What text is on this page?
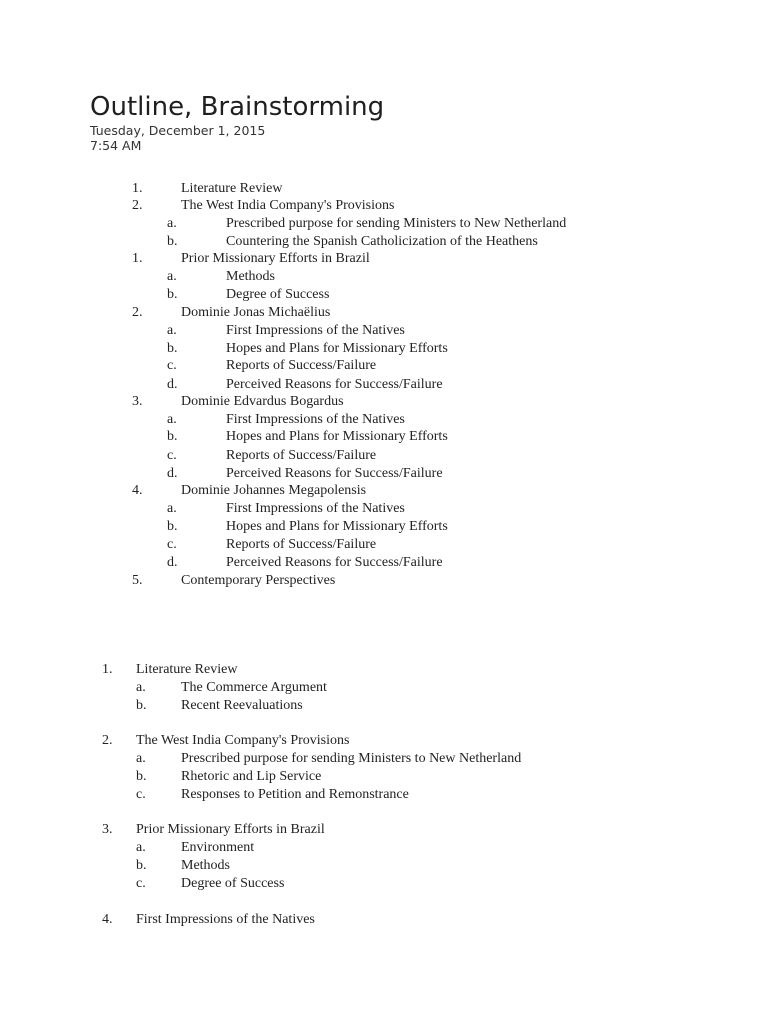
Outline, Brainstorming
Tuesday, December 1, 2015
7:54 AM
1.	Literature Review
2.	The West India Company's Provisions
a.	Prescribed purpose for sending Ministers to New Netherland
b.	Countering the Spanish Catholicization of the Heathens
1.	Prior Missionary Efforts in Brazil
a.	Methods
b.	Degree of Success
2.	Dominie Jonas Michaëlius
a.	First Impressions of the Natives
b.	Hopes and Plans for Missionary Efforts
c.	Reports of Success/Failure
d.	Perceived Reasons for Success/Failure
3.	Dominie Edvardus Bogardus
a.	First Impressions of the Natives
b.	Hopes and Plans for Missionary Efforts
c.	Reports of Success/Failure
d.	Perceived Reasons for Success/Failure
4.	Dominie Johannes Megapolensis
a.	First Impressions of the Natives
b.	Hopes and Plans for Missionary Efforts
c.	Reports of Success/Failure
d.	Perceived Reasons for Success/Failure
5.	Contemporary Perspectives
1. Literature Review
a.	The Commerce Argument
b. Recent Reevaluations
2. The West India Company's Provisions
a.	Prescribed purpose for sending Ministers to New Netherland
b. Rhetoric and Lip Service
c.	Responses to Petition and Remonstrance
3. Prior Missionary Efforts in Brazil
a.	Environment
b. Methods
c.	Degree of Success
4. First Impressions of the Natives
